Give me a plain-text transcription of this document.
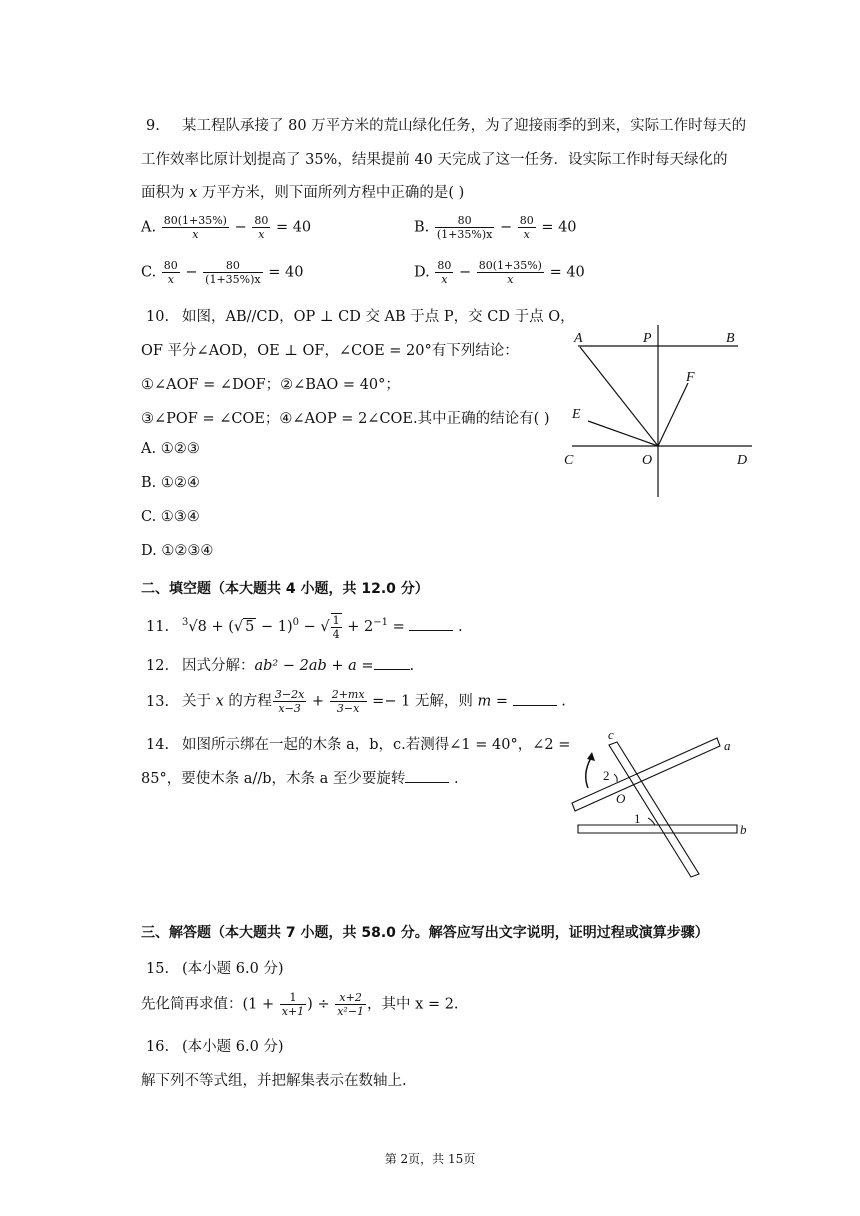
9. 某工程队承接了 80 万平方米的荒山绿化任务，为了迎接雨季的到来，实际工作时每天的
工作效率比原计划提高了 35%，结果提前 40 天完成了这一任务．设实际工作时每天绿化的
面积为 x 万平方米，则下面所列方程中正确的是( )
A. $\frac{80(1+35\%)}{x} - \frac{80}{x} = 40$	B. $\frac{80}{(1+35\%)x} - \frac{80}{x} = 40$
C. $\frac{80}{x} - \frac{80}{(1+35\%)x} = 40$	D. $\frac{80}{x} - \frac{80(1+35\%)}{x} = 40$
10. 如图，AB//CD，OP ⊥ CD 交 AB 于点 P，交 CD 于点 O，
OF 平分∠AOD，OE ⊥ OF，∠COE = 20°有下列结论：
①∠AOF = ∠DOF；②∠BAO = 40°；
③∠POF = ∠COE；④∠AOP = 2∠COE.其中正确的结论有( )
A. ①②③
B. ①②④
C. ①③④
D. ①②③④
A	P	B
F
E
C	O	D
二、填空题（本大题共 4 小题，共 12.0 分）
11. $^3$√8 + (√ 5 − 1)$^0$ − √ $\frac{1}{4} + 2^{-1}$ =	.
12. 因式分解：ab² − 2ab + a = .
13. 关于 x 的方程 $\frac{3-2x}{x-3} + \frac{2+mx}{3-x} =- 1$ 无解，则 m =	.
14. 如图所示绑在一起的木条 a，b，c.若测得∠1 = 40°，∠2 =
85°，要使木条 a//b，木条 a 至少要旋转	.
c
a
b
O
1
2
三、解答题（本大题共 7 小题，共 58.0 分。解答应写出文字说明，证明过程或演算步骤）
15. (本小题 6.0 分)
先化简再求值：($1 + \frac{1}{x+1}$ ) ÷ $\frac{x+2}{\text{x²−1}}$ ，其中 x = 2.
16. (本小题 6.0 分)
解下列不等式组，并把解集表示在数轴上.
第 2页，共 15页
